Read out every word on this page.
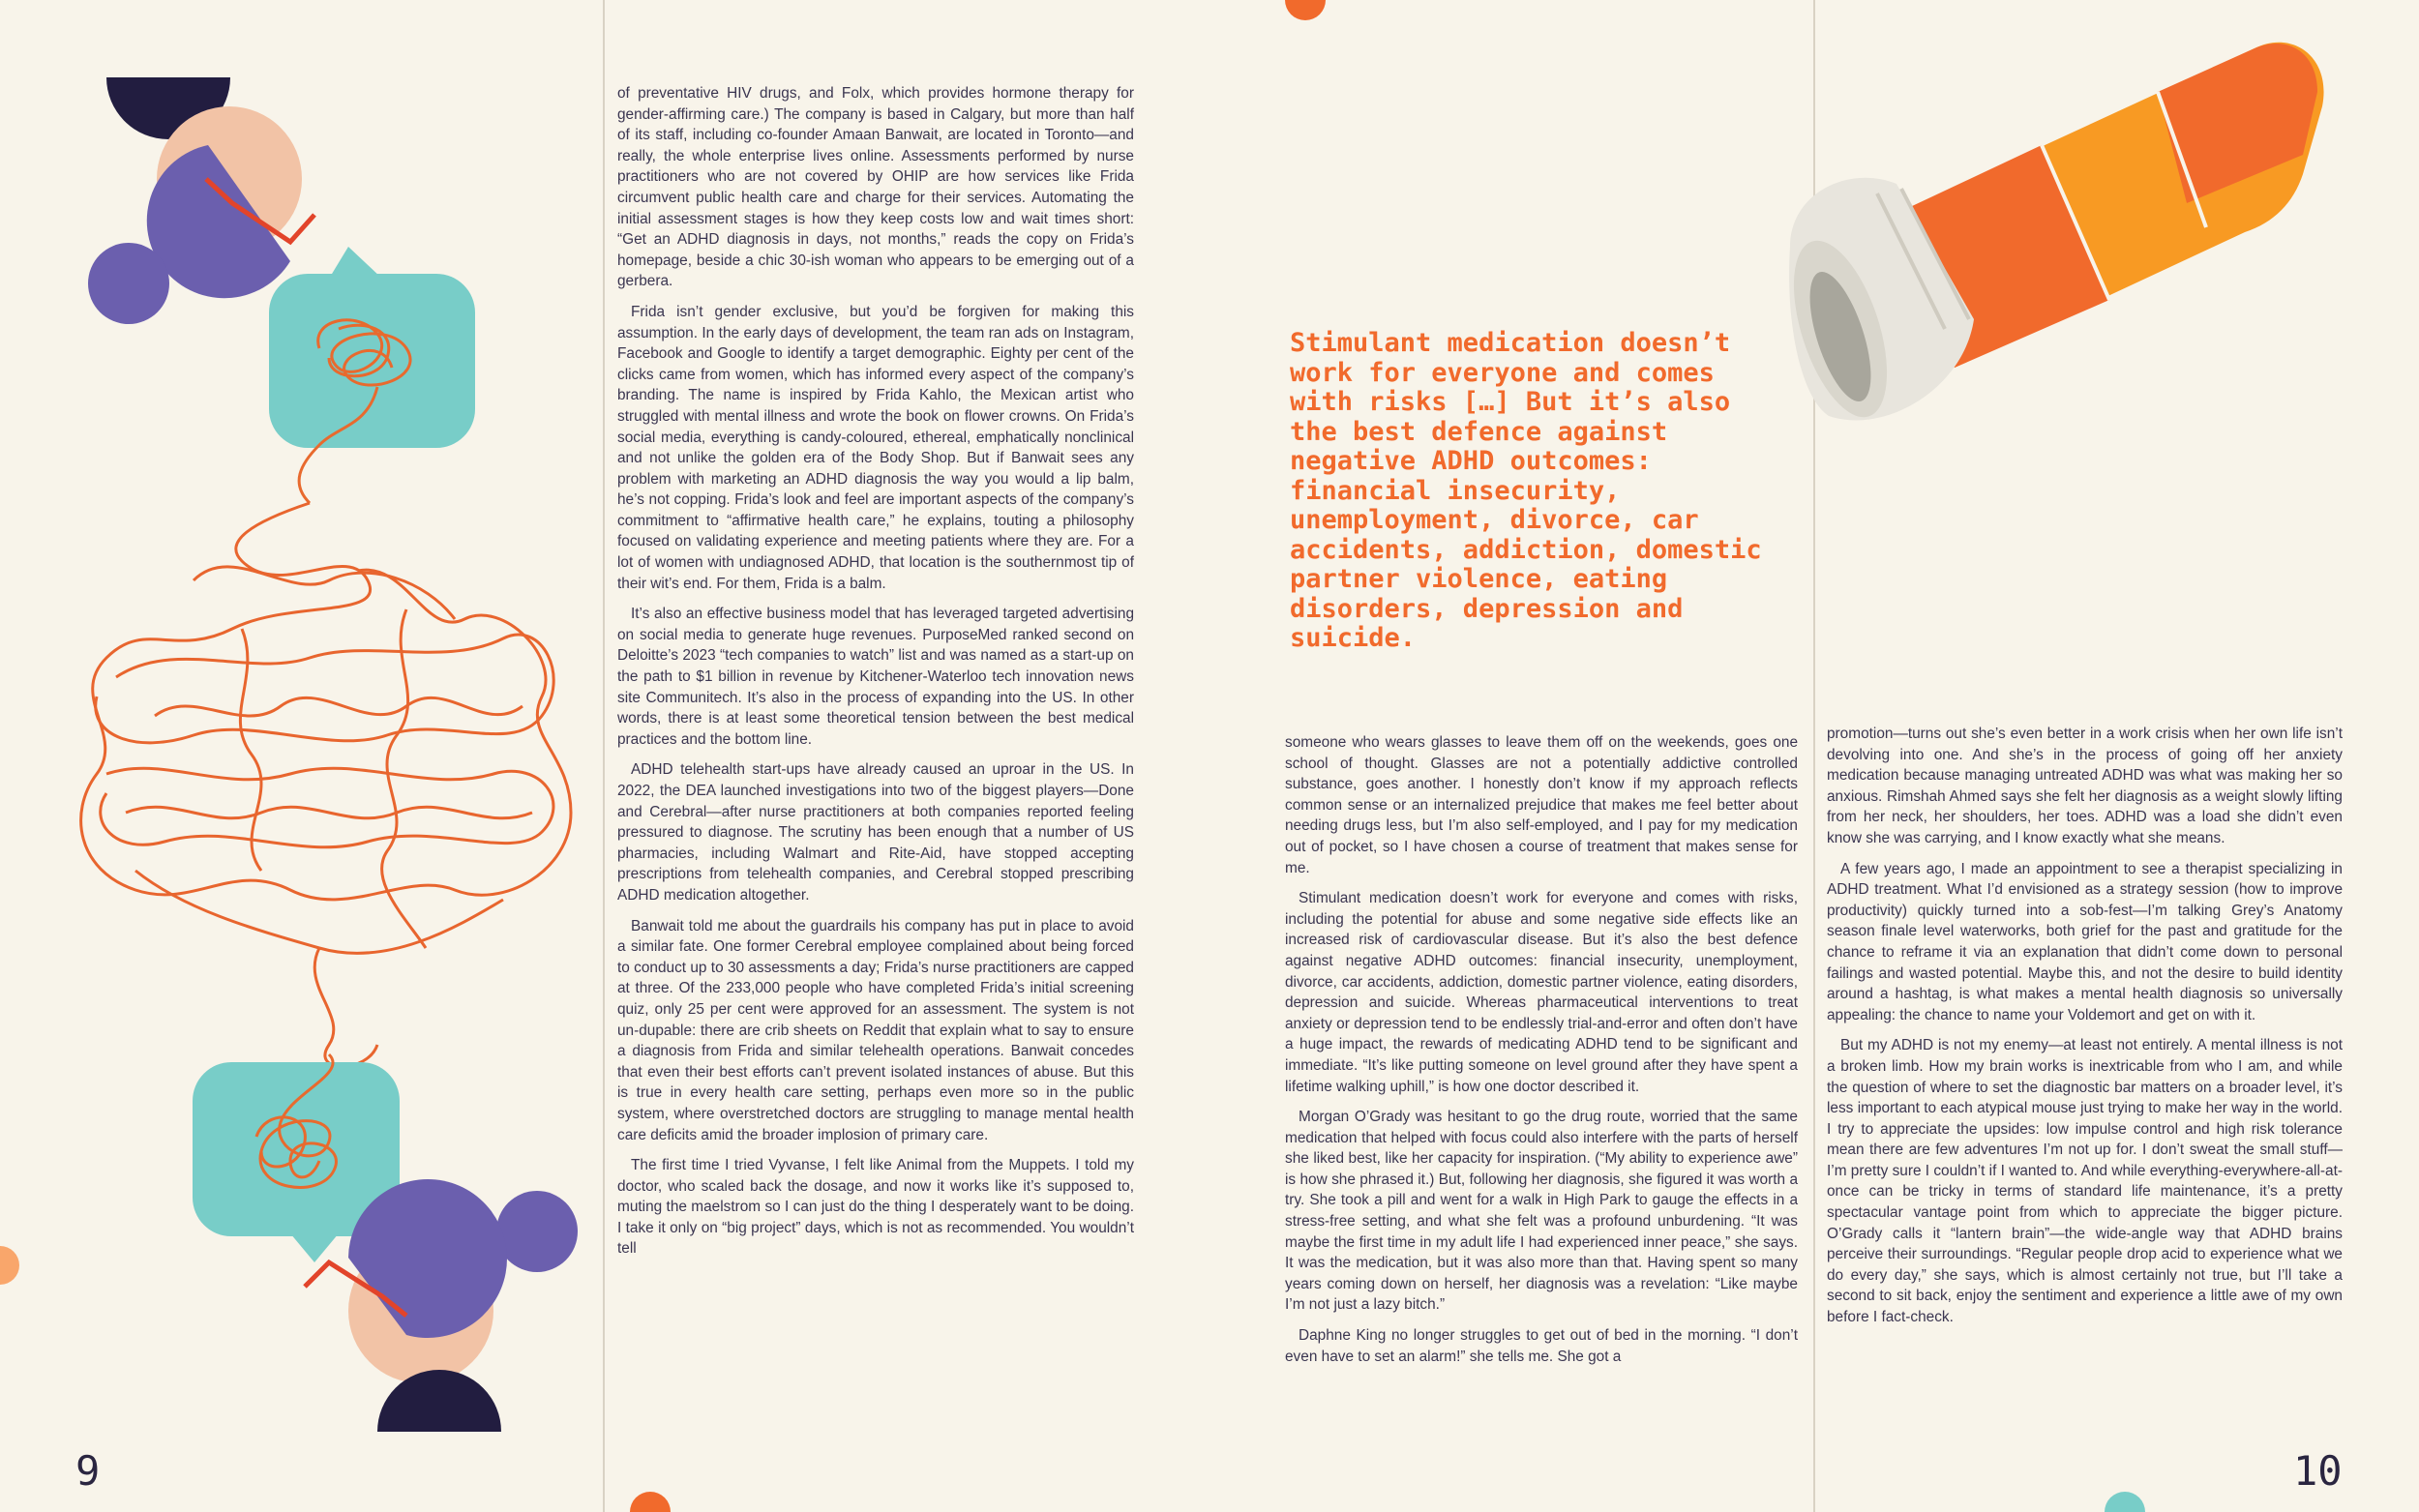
Stimulant medication doesn’t work for everyone and comes with risks […] But it’s also the best defence against negative ADHD outcomes: financial insecurity, unemployment, divorce, car accidents, addiction, domestic partner violence, eating disorders, depression and suicide.

of preventative HIV drugs, and Folx, which provides hormone therapy for gender-affirming care.) The company is based in Calgary, but more than half of its staff, including co-founder Amaan Banwait, are located in Toronto—and really, the whole enterprise lives online. Assessments performed by nurse practitioners who are not covered by OHIP are how services like Frida circumvent public health care and charge for their services. Automating the initial assessment stages is how they keep costs low and wait times short: “Get an ADHD diagnosis in days, not months,” reads the copy on Frida’s homepage, beside a chic 30-ish woman who appears to be emerging out of a gerbera.

Frida isn’t gender exclusive, but you’d be forgiven for making this assumption. In the early days of development, the team ran ads on Instagram, Facebook and Google to identify a target demographic. Eighty per cent of the clicks came from women, which has informed every aspect of the company’s branding. The name is inspired by Frida Kahlo, the Mexican artist who struggled with mental illness and wrote the book on flower crowns. On Frida’s social media, everything is candy-coloured, ethereal, emphatically nonclinical and not unlike the golden era of the Body Shop. But if Banwait sees any problem with marketing an ADHD diagnosis the way you would a lip balm, he’s not copping. Frida’s look and feel are important aspects of the company’s commitment to “affirmative health care,” he explains, touting a philosophy focused on validating experience and meeting patients where they are. For a lot of women with undiagnosed ADHD, that location is the southernmost tip of their wit’s end. For them, Frida is a balm.

It’s also an effective business model that has leveraged targeted advertising on social media to generate huge revenues. PurposeMed ranked second on Deloitte’s 2023 “tech companies to watch” list and was named as a start-up on the path to $1 billion in revenue by Kitchener-Waterloo tech innovation news site Communitech. It’s also in the process of expanding into the US. In other words, there is at least some theoretical tension between the best medical practices and the bottom line.

ADHD telehealth start-ups have already caused an uproar in the US. In 2022, the DEA launched investigations into two of the biggest players—Done and Cerebral—after nurse practitioners at both companies reported feeling pressured to diagnose. The scrutiny has been enough that a number of US pharmacies, including Walmart and Rite-Aid, have stopped accepting prescriptions from telehealth companies, and Cerebral stopped prescribing ADHD medication altogether.

Banwait told me about the guardrails his company has put in place to avoid a similar fate. One former Cerebral employee complained about being forced to conduct up to 30 assessments a day; Frida’s nurse practitioners are capped at three. Of the 233,000 people who have completed Frida’s initial screening quiz, only 25 per cent were approved for an assessment. The system is not un-dupable: there are crib sheets on Reddit that explain what to say to ensure a diagnosis from Frida and similar telehealth operations. Banwait concedes that even their best efforts can’t prevent isolated instances of abuse. But this is true in every health care setting, perhaps even more so in the public system, where overstretched doctors are struggling to manage mental health care deficits amid the broader implosion of primary care.

The first time I tried Vyvanse, I felt like Animal from the Muppets. I told my doctor, who scaled back the dosage, and now it works like it’s supposed to, muting the maelstrom so I can just do the thing I desperately want to be doing. I take it only on “big project” days, which is not as recommended. You wouldn’t tell

someone who wears glasses to leave them off on the weekends, goes one school of thought. Glasses are not a potentially addictive controlled substance, goes another. I honestly don’t know if my approach reflects common sense or an internalized prejudice that makes me feel better about needing drugs less, but I’m also self-employed, and I pay for my medication out of pocket, so I have chosen a course of treatment that makes sense for me.

Stimulant medication doesn’t work for everyone and comes with risks, including the potential for abuse and some negative side effects like an increased risk of cardiovascular disease. But it’s also the best defence against negative ADHD outcomes: financial insecurity, unemployment, divorce, car accidents, addiction, domestic partner violence, eating disorders, depression and suicide. Whereas pharmaceutical interventions to treat anxiety or depression tend to be endlessly trial-and-error and often don’t have a huge impact, the rewards of medicating ADHD tend to be significant and immediate. “It’s like putting someone on level ground after they have spent a lifetime walking uphill,” is how one doctor described it.

Morgan O’Grady was hesitant to go the drug route, worried that the same medication that helped with focus could also interfere with the parts of herself she liked best, like her capacity for inspiration. (“My ability to experience awe” is how she phrased it.) But, following her diagnosis, she figured it was worth a try. She took a pill and went for a walk in High Park to gauge the effects in a stress-free setting, and what she felt was a profound unburdening. “It was maybe the first time in my adult life I had experienced inner peace,” she says. It was the medication, but it was also more than that. Having spent so many years coming down on herself, her diagnosis was a revelation: “Like maybe I’m not just a lazy bitch.”

Daphne King no longer struggles to get out of bed in the morning. “I don’t even have to set an alarm!” she tells me. She got a

promotion—turns out she’s even better in a work crisis when her own life isn’t devolving into one. And she’s in the process of going off her anxiety medication because managing untreated ADHD was what was making her so anxious. Rimshah Ahmed says she felt her diagnosis as a weight slowly lifting from her neck, her shoulders, her toes. ADHD was a load she didn’t even know she was carrying, and I know exactly what she means.

A few years ago, I made an appointment to see a therapist specializing in ADHD treatment. What I’d envisioned as a strategy session (how to improve productivity) quickly turned into a sob-fest—I’m talking Grey’s Anatomy season finale level waterworks, both grief for the past and gratitude for the chance to reframe it via an explanation that didn’t come down to personal failings and wasted potential. Maybe this, and not the desire to build identity around a hashtag, is what makes a mental health diagnosis so universally appealing: the chance to name your Voldemort and get on with it.

But my ADHD is not my enemy—at least not entirely. A mental illness is not a broken limb. How my brain works is inextricable from who I am, and while the question of where to set the diagnostic bar matters on a broader level, it’s less important to each atypical mouse just trying to make her way in the world. I try to appreciate the upsides: low impulse control and high risk tolerance mean there are few adventures I’m not up for. I don’t sweat the small stuff—I’m pretty sure I couldn’t if I wanted to. And while everything-everywhere-all-at-once can be tricky in terms of standard life maintenance, it’s a pretty spectacular vantage point from which to appreciate the bigger picture. O’Grady calls it “lantern brain”—the wide-angle way that ADHD brains perceive their surroundings. “Regular people drop acid to experience what we do every day,” she says, which is almost certainly not true, but I’ll take a second to sit back, enjoy the sentiment and experience a little awe of my own before I fact-check.

9	10
